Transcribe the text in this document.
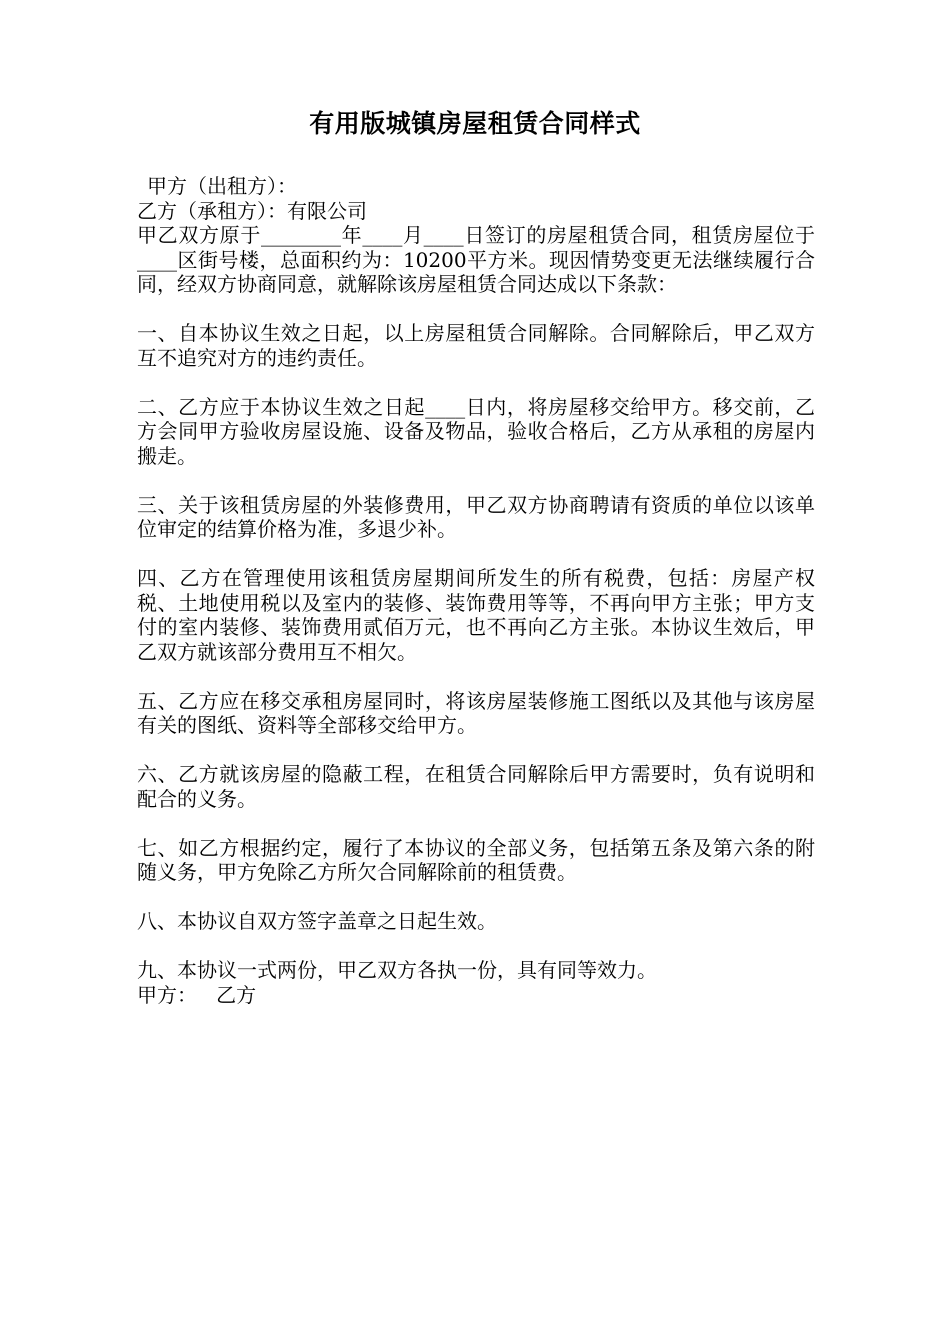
有用版城镇房屋租赁合同样式
甲方（出租方）：
乙方（承租方）：有限公司
甲乙双方原于________年____月____日签订的房屋租赁合同，租赁房屋位于____区街号楼，总面积约为：10200平方米。现因情势变更无法继续履行合同，经双方协商同意，就解除该房屋租赁合同达成以下条款：
一、自本协议生效之日起，以上房屋租赁合同解除。合同解除后，甲乙双方互不追究对方的违约责任。
二、乙方应于本协议生效之日起____日内，将房屋移交给甲方。移交前，乙方会同甲方验收房屋设施、设备及物品，验收合格后，乙方从承租的房屋内搬走。
三、关于该租赁房屋的外装修费用，甲乙双方协商聘请有资质的单位以该单位审定的结算价格为准，多退少补。
四、乙方在管理使用该租赁房屋期间所发生的所有税费，包括：房屋产权税、土地使用税以及室内的装修、装饰费用等等，不再向甲方主张；甲方支付的室内装修、装饰费用贰佰万元，也不再向乙方主张。本协议生效后，甲乙双方就该部分费用互不相欠。
五、乙方应在移交承租房屋同时，将该房屋装修施工图纸以及其他与该房屋有关的图纸、资料等全部移交给甲方。
六、乙方就该房屋的隐蔽工程，在租赁合同解除后甲方需要时，负有说明和配合的义务。
七、如乙方根据约定，履行了本协议的全部义务，包括第五条及第六条的附随义务，甲方免除乙方所欠合同解除前的租赁费。
八、本协议自双方签字盖章之日起生效。
九、本协议一式两份，甲乙双方各执一份，具有同等效力。
甲方：   乙方
